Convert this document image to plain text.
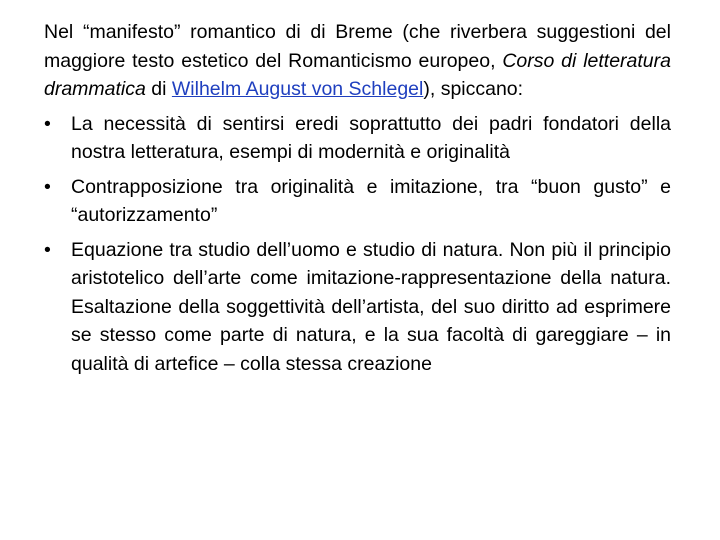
Nel “manifesto” romantico di di Breme (che riverbera suggestioni del maggiore testo estetico del Romanticismo europeo, Corso di letteratura drammatica di Wilhelm August von Schlegel), spiccano:

• La necessità di sentirsi eredi soprattutto dei padri fondatori della nostra letteratura, esempi di modernità e originalità
• Contrapposizione tra originalità e imitazione, tra “buon gusto” e “autorizzamento”
• Equazione tra studio dell’uomo e studio di natura. Non più il principio aristotelico dell’arte come imitazione-rappresentazione della natura. Esaltazione della soggettività dell’artista, del suo diritto ad esprimere se stesso come parte di natura, e la sua facoltà di gareggiare – in qualità di artefice – colla stessa creazione
